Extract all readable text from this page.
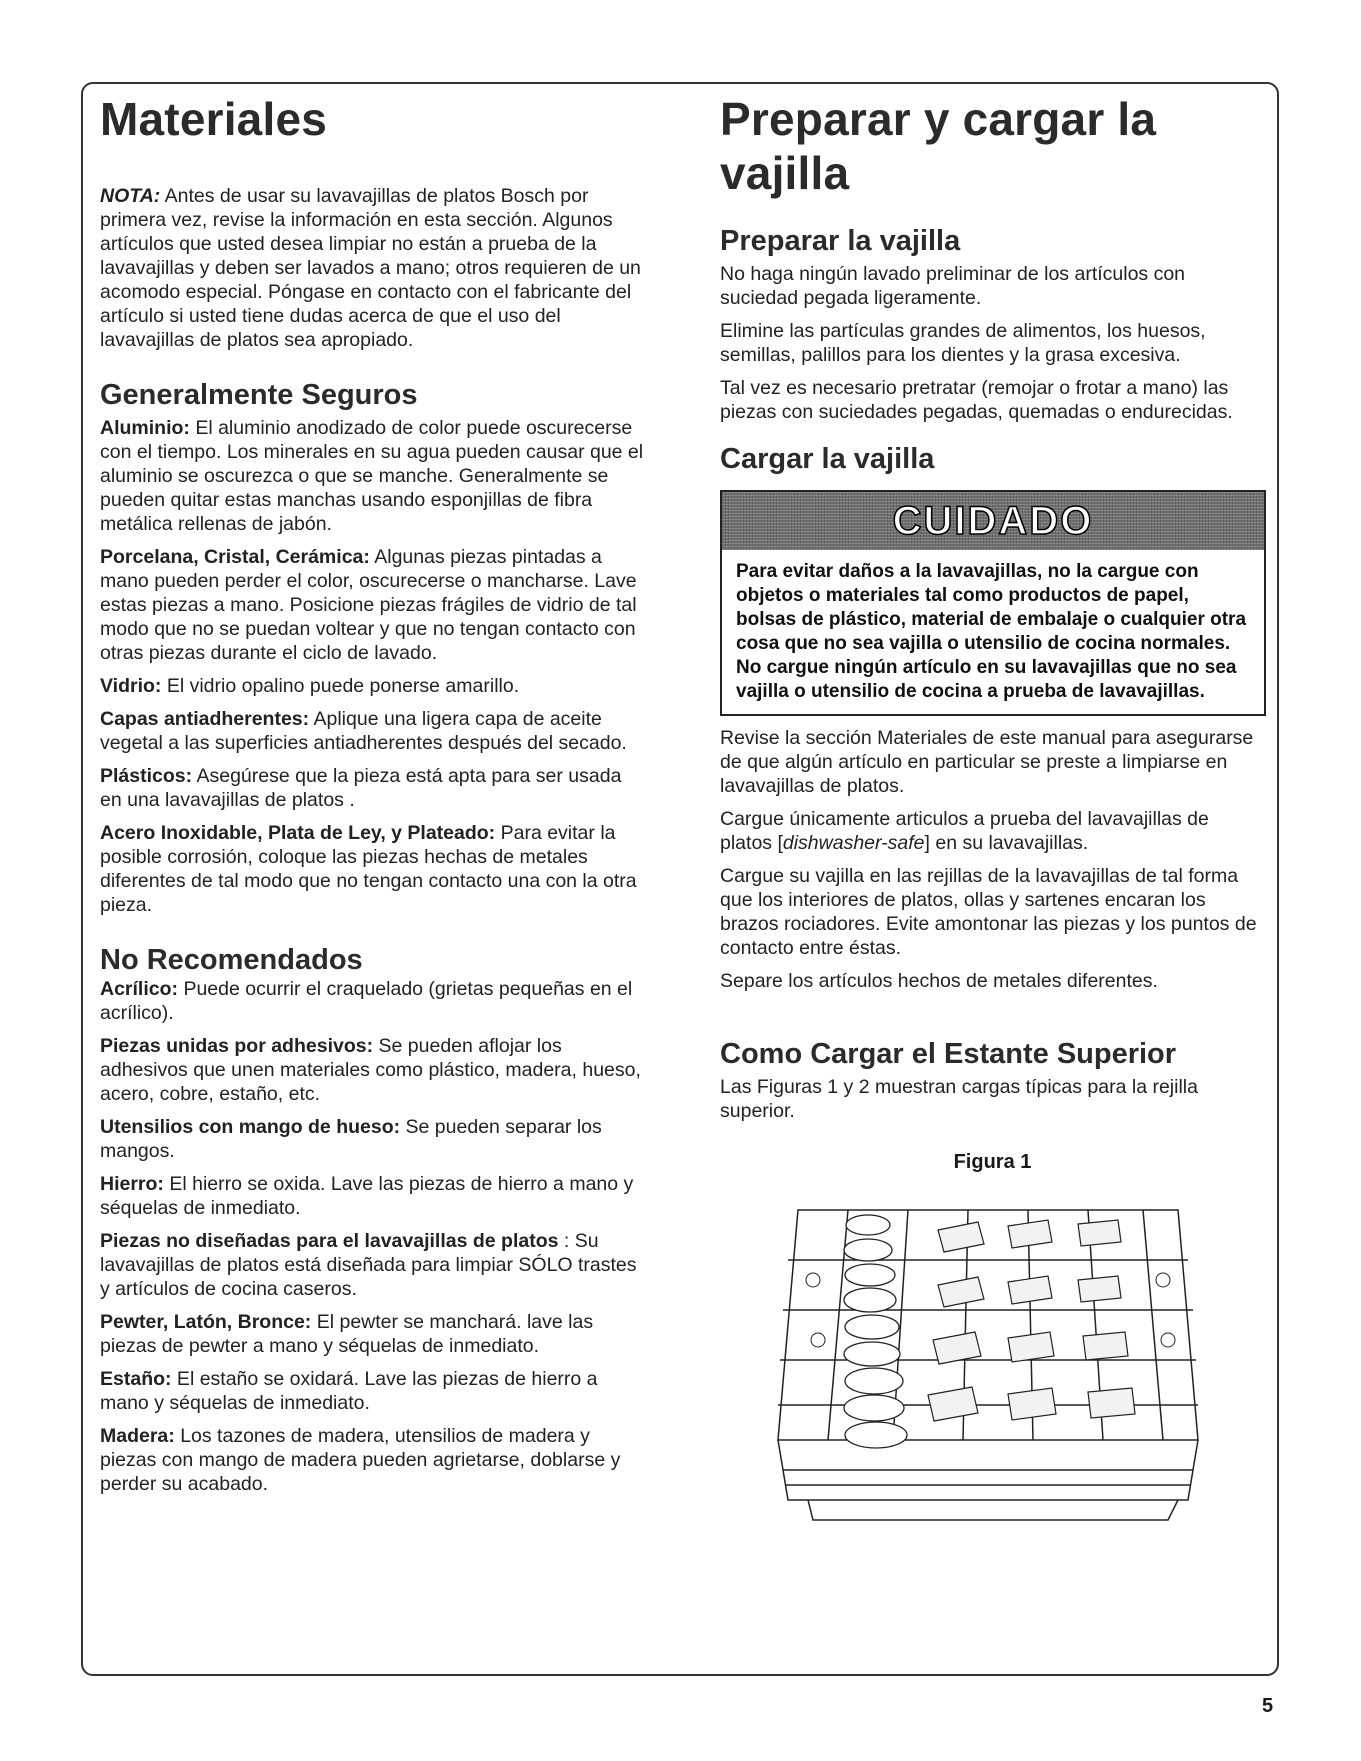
Materiales

NOTA: Antes de usar su lavavajillas de platos Bosch por primera vez, revise la información en esta sección. Algunos artículos que usted desea limpiar no están a prueba de la lavavajillas y deben ser lavados a mano; otros requieren de un acomodo especial. Póngase en contacto con el fabricante del artículo si usted tiene dudas acerca de que el uso del lavavajillas de platos sea apropiado.

Generalmente Seguros

Aluminio: El aluminio anodizado de color puede oscurecerse con el tiempo. Los minerales en su agua pueden causar que el aluminio se oscurezca o que se manche. Generalmente se pueden quitar estas manchas usando esponjillas de fibra metálica rellenas de jabón.

Porcelana, Cristal, Cerámica: Algunas piezas pintadas a mano pueden perder el color, oscurecerse o mancharse. Lave estas piezas a mano. Posicione piezas frágiles de vidrio de tal modo que no se puedan voltear y que no tengan contacto con otras piezas durante el ciclo de lavado.

Vidrio: El vidrio opalino puede ponerse amarillo.

Capas antiadherentes: Aplique una ligera capa de aceite vegetal a las superficies antiadherentes después del secado.

Plásticos: Asegúrese que la pieza está apta para ser usada en una lavavajillas de platos .

Acero Inoxidable, Plata de Ley, y Plateado: Para evitar la posible corrosión, coloque las piezas hechas de metales diferentes de tal modo que no tengan contacto una con la otra pieza.

No Recomendados

Acrílico: Puede ocurrir el craquelado (grietas pequeñas en el acrílico).

Piezas unidas por adhesivos: Se pueden aflojar los adhesivos que unen materiales como plástico, madera, hueso, acero, cobre, estaño, etc.

Utensilios con mango de hueso: Se pueden separar los mangos.

Hierro: El hierro se oxida. Lave las piezas de hierro a mano y séquelas de inmediato.

Piezas no diseñadas para el lavavajillas de platos : Su lavavajillas de platos está diseñada para limpiar SÓLO trastes y artículos de cocina caseros.

Pewter, Latón, Bronce: El pewter se manchará. lave las piezas de pewter a mano y séquelas de inmediato.

Estaño: El estaño se oxidará. Lave las piezas de hierro a mano y séquelas de inmediato.

Madera: Los tazones de madera, utensilios de madera y piezas con mango de madera pueden agrietarse, doblarse y perder su acabado.

Preparar y cargar la vajilla
Preparar la vajilla

No haga ningún lavado preliminar de los artículos con suciedad pegada ligeramente.

Elimine las partículas grandes de alimentos, los huesos, semillas, palillos para los dientes y la grasa excesiva.

Tal vez es necesario pretratar (remojar o frotar a mano) las piezas con suciedades pegadas, quemadas o endurecidas.

Cargar la vajilla
CUIDADO
Para evitar daños a la lavavajillas, no la cargue con objetos o materiales tal como productos de papel, bolsas de plástico, material de embalaje o cualquier otra cosa que no sea vajilla o utensilio de cocina normales. No cargue ningún artículo en su lavavajillas que no sea vajilla o utensilio de cocina a prueba de lavavajillas.

Revise la sección Materiales de este manual para asegurarse de que algún artículo en particular se preste a limpiarse en lavavajillas de platos.

Cargue únicamente articulos a prueba del lavavajillas de platos [dishwasher-safe] en su lavavajillas.

Cargue su vajilla en las rejillas de la lavavajillas de tal forma que los interiores de platos, ollas y sartenes encaran los brazos rociadores. Evite amontonar las piezas y los puntos de contacto entre éstas.

Separe los artículos hechos de metales diferentes.

Como Cargar el Estante Superior

Las Figuras 1 y 2 muestran cargas típicas para la rejilla superior.

Figura 1
5
